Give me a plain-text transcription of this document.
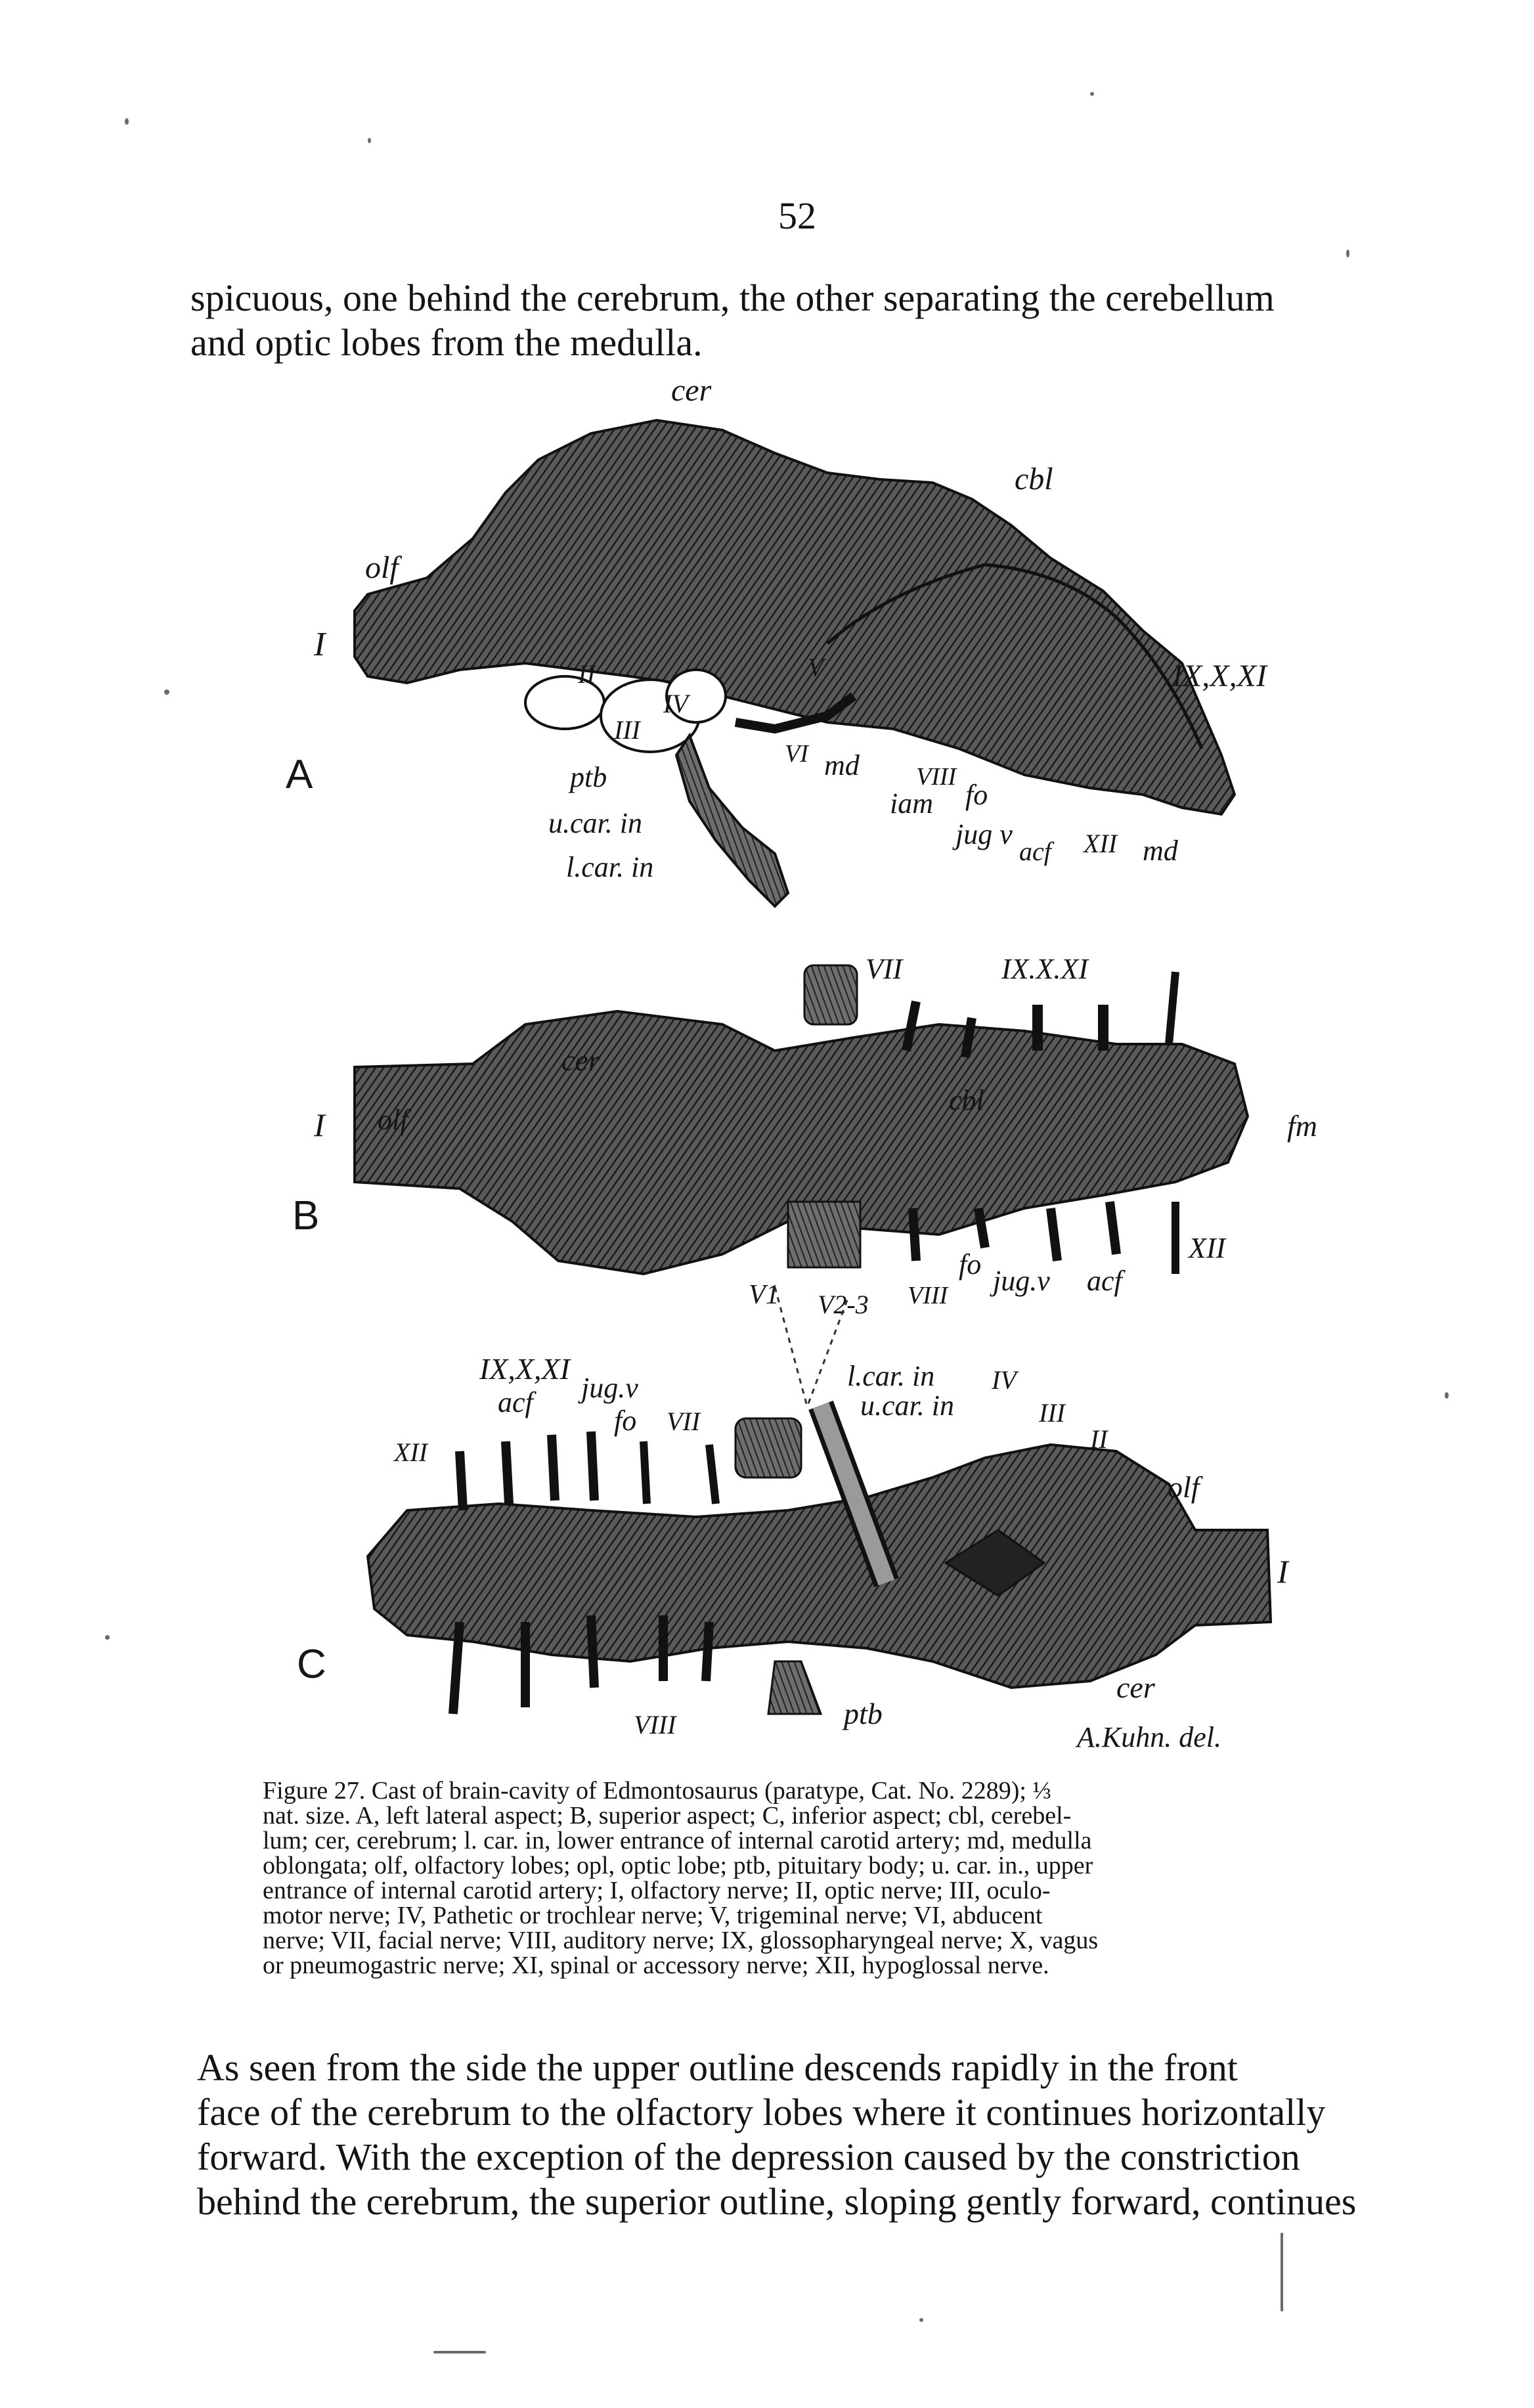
52

spicuous, one behind the cerebrum, the other separating the cerebellum
and optic lobes from the medulla.

cer
cbl
olf
I
II
IV
III
V	IX,X,XI
ptb
u.car. in
l.car. in
VI md VIII
iam fo
jug v
acf XII md
A
VII	IX.X.XI
cer
cbl
I olf	fm
XII
fo
jug.v acf
VIII
V1 V2-3
B
IX,X,XI
jug.v
acf
fo VII
XII
l.car. in
u.car. in
IV
III
II
olf
I
VIII	ptb
cer
C
A.Kuhn. del.

Figure 27. Cast of brain-cavity of Edmontosaurus (paratype, Cat. No. 2289); ⅓
nat. size. A, left lateral aspect; B, superior aspect; C, inferior aspect; cbl, cerebel-
lum; cer, cerebrum; l. car. in, lower entrance of internal carotid artery; md, medulla
oblongata; olf, olfactory lobes; opl, optic lobe; ptb, pituitary body; u. car. in., upper
entrance of internal carotid artery; I, olfactory nerve; II, optic nerve; III, oculo-
motor nerve; IV, Pathetic or trochlear nerve; V, trigeminal nerve; VI, abducent
nerve; VII, facial nerve; VIII, auditory nerve; IX, glossopharyngeal nerve; X, vagus
or pneumogastric nerve; XI, spinal or accessory nerve; XII, hypoglossal nerve.

As seen from the side the upper outline descends rapidly in the front
face of the cerebrum to the olfactory lobes where it continues horizontally
forward. With the exception of the depression caused by the constriction
behind the cerebrum, the superior outline, sloping gently forward, continues
